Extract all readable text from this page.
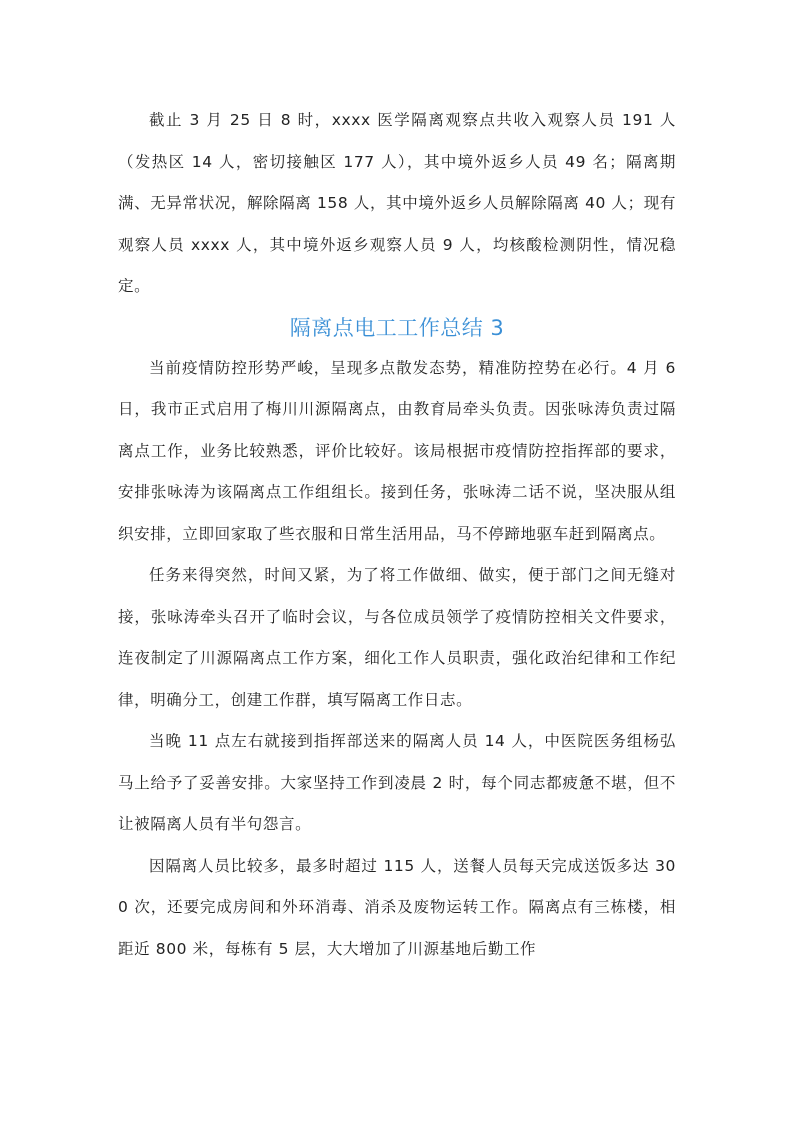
截止 3 月 25 日 8 时，xxxx 医学隔离观察点共收入观察人员 191 人（发热区 14 人，密切接触区 177 人），其中境外返乡人员 49 名；隔离期满、无异常状况，解除隔离 158 人，其中境外返乡人员解除隔离 40 人；现有观察人员 xxxx 人，其中境外返乡观察人员 9 人，均核酸检测阴性，情况稳定。

隔离点电工工作总结 3

当前疫情防控形势严峻，呈现多点散发态势，精准防控势在必行。4 月 6 日，我市正式启用了梅川川源隔离点，由教育局牵头负责。因张咏涛负责过隔离点工作，业务比较熟悉，评价比较好。该局根据市疫情防控指挥部的要求，安排张咏涛为该隔离点工作组组长。接到任务，张咏涛二话不说，坚决服从组织安排，立即回家取了些衣服和日常生活用品，马不停蹄地驱车赶到隔离点。

任务来得突然，时间又紧，为了将工作做细、做实，便于部门之间无缝对接，张咏涛牵头召开了临时会议，与各位成员领学了疫情防控相关文件要求，连夜制定了川源隔离点工作方案，细化工作人员职责，强化政治纪律和工作纪律，明确分工，创建工作群，填写隔离工作日志。

当晚 11 点左右就接到指挥部送来的隔离人员 14 人，中医院医务组杨弘马上给予了妥善安排。大家坚持工作到凌晨 2 时，每个同志都疲惫不堪，但不让被隔离人员有半句怨言。

因隔离人员比较多，最多时超过 115 人，送餐人员每天完成送饭多达 300 次，还要完成房间和外环消毒、消杀及废物运转工作。隔离点有三栋楼，相距近 800 米，每栋有 5 层，大大增加了川源基地后勤工作
